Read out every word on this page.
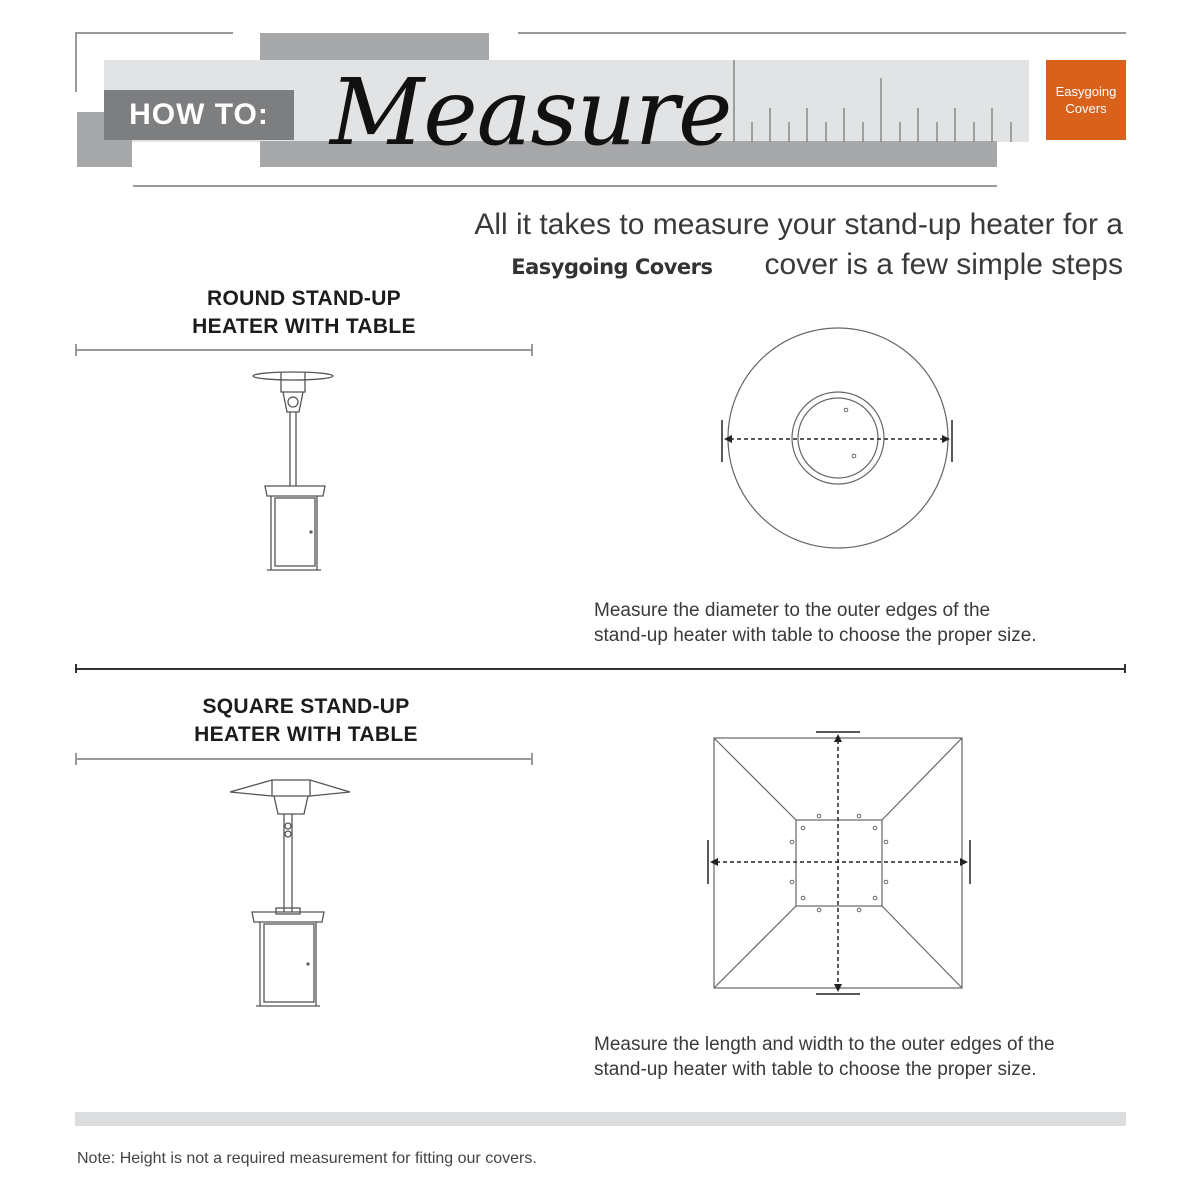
HOW TO: Measure	Easygoing
Covers
All it takes to measure your stand-up heater for a
Easygoing Covers cover is a few simple steps
ROUND STAND-UP
HEATER WITH TABLE
Measure the diameter to the outer edges of the
stand-up heater with table to choose the proper size.
SQUARE STAND-UP
HEATER WITH TABLE
Measure the length and width to the outer edges of the
stand-up heater with table to choose the proper size.
Note: Height is not a required measurement for fitting our covers.
